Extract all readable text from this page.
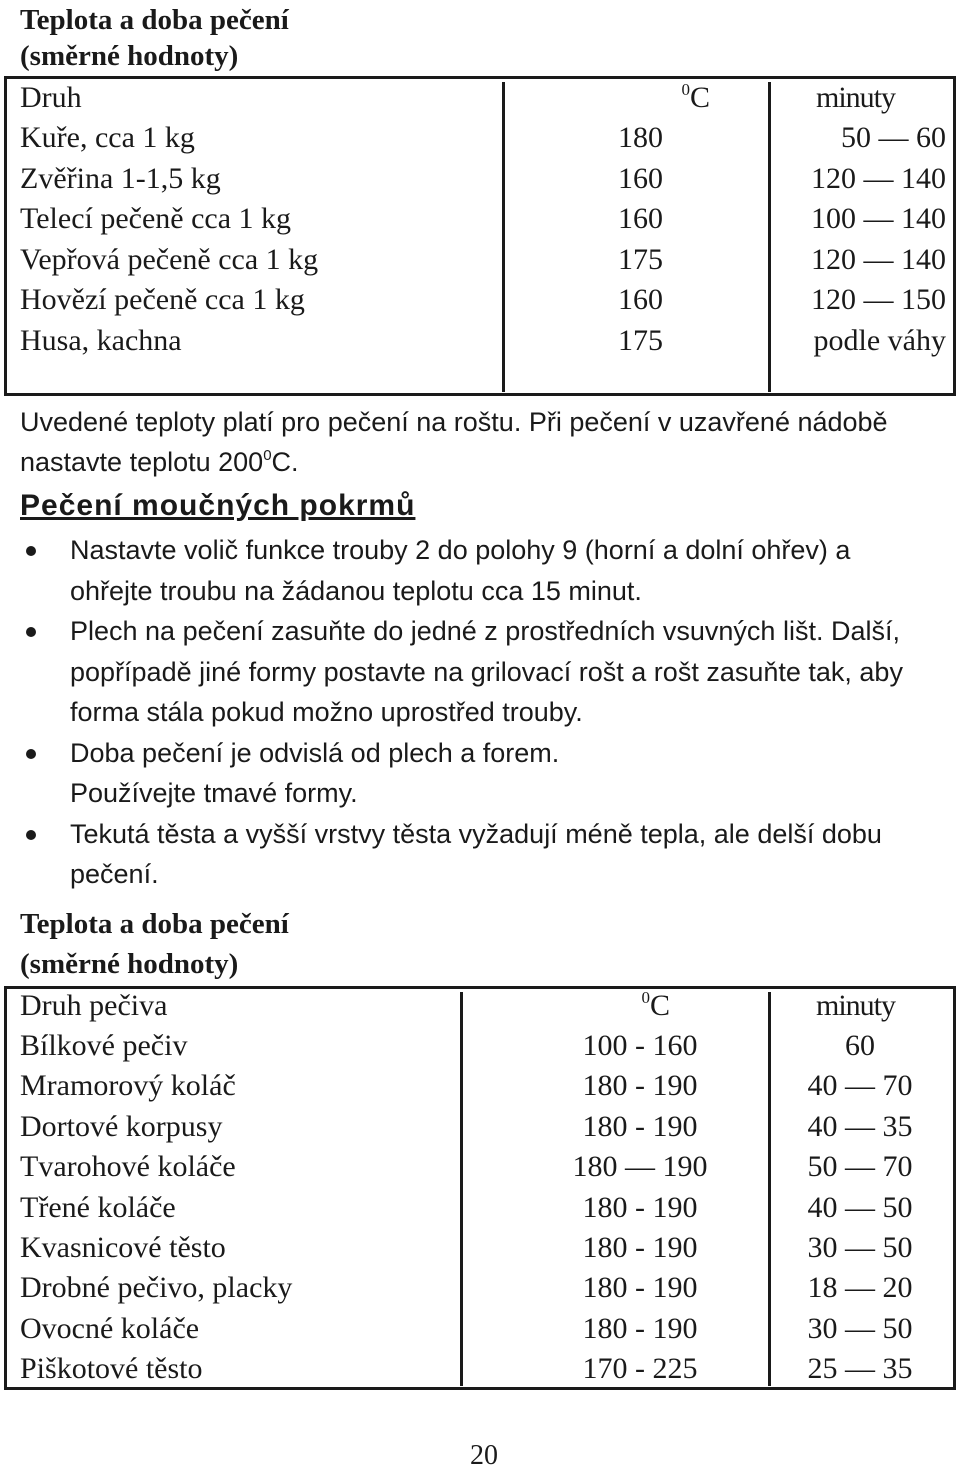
Teplota a doba pečení
(směrné hodnoty)
Druh	$^0$C	minuty
Kuře, cca 1 kg	180	50 — 60
Zvěřina 1-1,5 kg	160	120 — 140
Telecí pečeně cca 1 kg	160	100 — 140
Vepřová pečeně cca 1 kg	175	120 — 140
Hovězí pečeně cca 1 kg	160	120 — 150
Husa, kachna	175	podle váhy
Uvedené teploty platí pro pečení na roštu. Při pečení v uzavřené nádobě
nastavte teplotu $200^0C$.
Pečení moučných pokrmů
Nastavte volič funkce trouby 2 do polohy 9 (horní a dolní ohřev) a
ohřejte troubu na žádanou teplotu cca 15 minut.
Plech na pečení zasuňte do jedné z prostředních vsuvných lišt. Další,
popřípadě jiné formy postavte na grilovací rošt a rošt zasuňte tak, aby
forma stála pokud možno uprostřed trouby.
Doba pečení je odvislá od plech a forem.
Používejte tmavé formy.
Tekutá těsta a vyšší vrstvy těsta vyžadují méně tepla, ale delší dobu
pečení.
Teplota a doba pečení
(směrné hodnoty)
Druh pečiva	$^0$C	minuty
Bílkové pečiv	100 - 160	60
Mramorový koláč	180 - 190	40 — 70
Dortové korpusy	180 - 190	40 — 35
Tvarohové koláče	180 — 190	50 — 70
Třené koláče	180 - 190	40 — 50
Kvasnicové těsto	180 - 190	30 — 50
Drobné pečivo, placky	180 - 190	18 — 20
Ovocné koláče	180 - 190	30 — 50
Piškotové těsto	170 - 225	25 — 35
20
